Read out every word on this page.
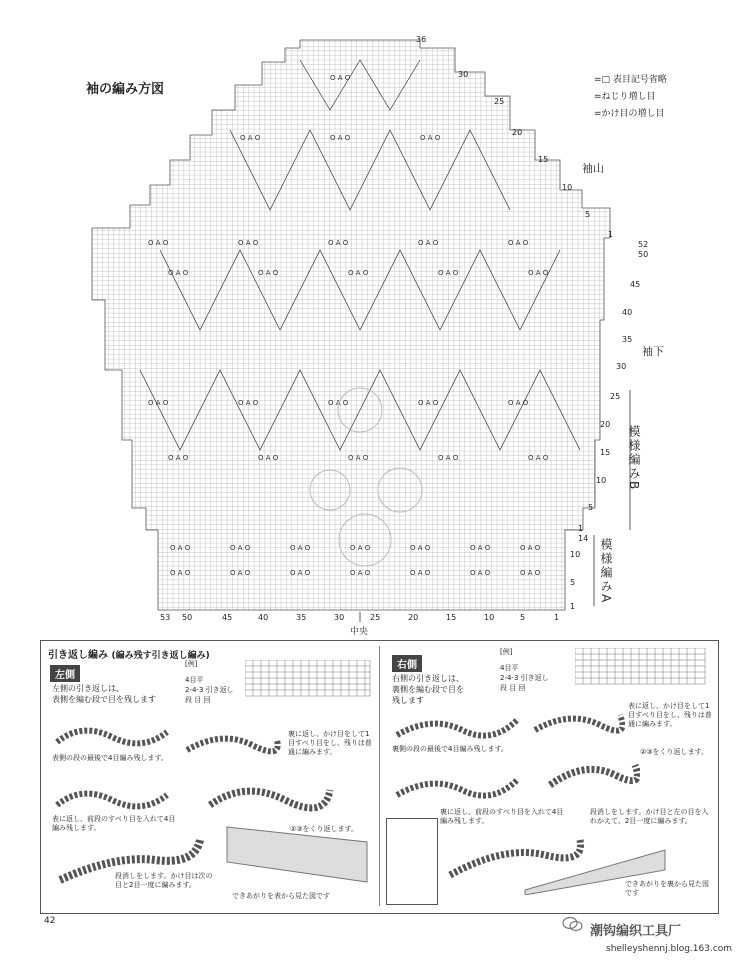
袖の編み方図
=□ 表目記号省略
=ねじり増し目
=かけ目の増し目
O A O	O A O	O A O	O A O	O A O
O A O	O A O	O A O	O A O	O A O
O A O	O A O	O A O	O A O	O A O
O A O	O A O	O A O	O A O	O A O
O A O	O A O	O A O
O A O
O A O	O A O	O A O	O A O	O A O	O A O	O A O
O A O	O A O	O A O	O A O	O A O	O A O	O A O
36
30
25
20
15
10
5
1
52
50
45
40
35
30
25
20
15
10
5
1
14
10
5
1
袖山
袖下
模様編みB
模様編みA
中央
53 50	45	40	35	30	25	20	15	10	5	1
引き返し編み (編み残す引き返し編み)
左側
左側の引き返しは、
表側を編む段で目を残します
[例]
4目平
2-4-3 引き返し
段 目 回
表側の段の最後で4目編み残します。
裏に返し、かけ目をして1目すべり目をし、残りは普通に編みます。
表に返し、前段のすべり目を入れて4目編み残します。	②③をくり返します。
段消しをします。かけ目は次の目と2目一度に編みます。
できあがりを表から見た図です
右側
右側の引き返しは、
裏側を編む段で目を
残します
[例]
4目平
2-4-3 引き返し
段 目 回
裏側の段の最後で4目編み残します。
表に返し、かけ目をして1目すべり目をし、残りは普通に編みます。
裏に返し、前段のすべり目を入れて4目編み残します。
②③をくり返します。
段消しをします。かけ目と左の目を入れかえて、2目一度に編みます。
できあがりを裏から見た図です
42
潮钩编织工具厂
shelleyshennj.blog.163.com
